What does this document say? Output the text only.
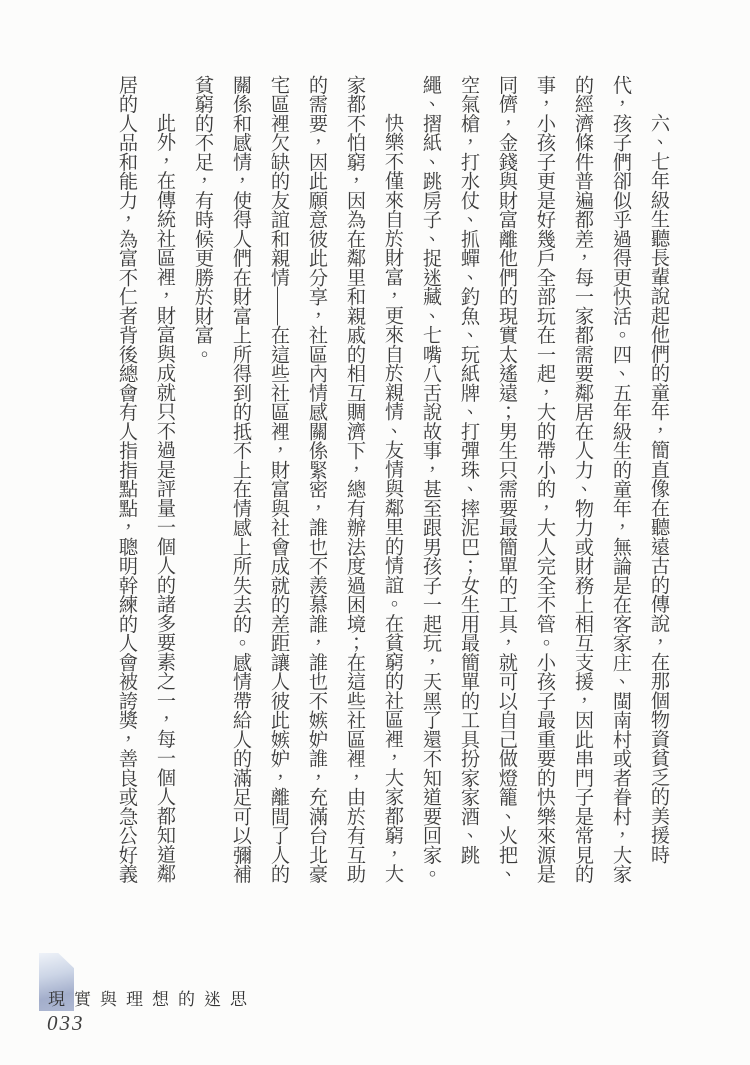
六、七年級生聽長輩說起他們的童年，簡直像在聽遠古的傳說，在那個物資貧乏的美援時代，孩子們卻似乎過得更快活。四、五年級生的童年，無論是在客家庄、閩南村或者眷村，大家的經濟條件普遍都差，每一家都需要鄰居在人力、物力或財務上相互支援，因此串門子是常見的事，小孩子更是好幾戶全部玩在一起，大的帶小的，大人完全不管。小孩子最重要的快樂來源是同儕，金錢與財富離他們的現實太遙遠；男生只需要最簡單的工具，就可以自己做燈籠、火把、空氣槍，打水仗、抓蟬、釣魚、玩紙牌、打彈珠、摔泥巴；女生用最簡單的工具扮家家酒、跳繩、摺紙、跳房子、捉迷藏、七嘴八舌說故事，甚至跟男孩子一起玩，天黑了還不知道要回家。

快樂不僅來自於財富，更來自於親情、友情與鄰里的情誼。在貧窮的社區裡，大家都窮，大家都不怕窮，因為在鄰里和親戚的相互賙濟下，總有辦法度過困境；在這些社區裡，由於有互助的需要，因此願意彼此分享，社區內情感關係緊密，誰也不羨慕誰，誰也不嫉妒誰，充滿台北豪宅區裡欠缺的友誼和親情——在這些社區裡，財富與社會成就的差距讓人彼此嫉妒，離間了人的關係和感情，使得人們在財富上所得到的抵不上在情感上所失去的。感情帶給人的滿足可以彌補貧窮的不足，有時候更勝於財富。

此外，在傳統社區裡，財富與成就只不過是評量一個人的諸多要素之一，每一個人都知道鄰居的人品和能力，為富不仁者背後總會有人指指點點，聰明幹練的人會被誇獎，善良或急公好義

現實與理想的迷思
033
